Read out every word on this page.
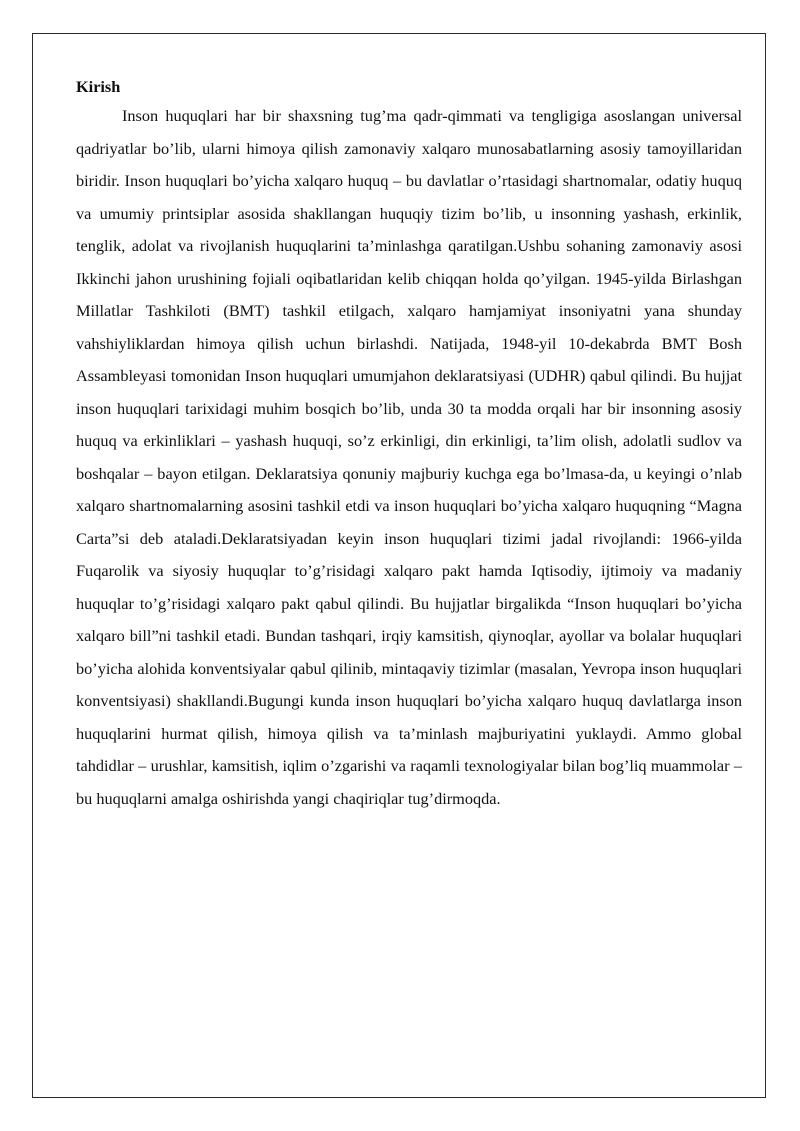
Kirish

Inson huquqlari har bir shaxsning tug’ma qadr-qimmati va tengligiga asoslangan universal qadriyatlar bo’lib, ularni himoya qilish zamonaviy xalqaro munosabatlarning asosiy tamoyillaridan biridir. Inson huquqlari bo’yicha xalqaro huquq – bu davlatlar o’rtasidagi shartnomalar, odatiy huquq va umumiy printsiplar asosida shakllangan huquqiy tizim bo’lib, u insonning yashash, erkinlik, tenglik, adolat va rivojlanish huquqlarini ta’minlashga qaratilgan.Ushbu sohaning zamonaviy asosi Ikkinchi jahon urushining fojiali oqibatlaridan kelib chiqqan holda qo’yilgan. 1945-yilda Birlashgan Millatlar Tashkiloti (BMT) tashkil etilgach, xalqaro hamjamiyat insoniyatni yana shunday vahshiyliklardan himoya qilish uchun birlashdi. Natijada, 1948-yil 10-dekabrda BMT Bosh Assambleyasi tomonidan Inson huquqlari umumjahon deklaratsiyasi (UDHR) qabul qilindi. Bu hujjat inson huquqlari tarixidagi muhim bosqich bo’lib, unda 30 ta modda orqali har bir insonning asosiy huquq va erkinliklari – yashash huquqi, so’z erkinligi, din erkinligi, ta’lim olish, adolatli sudlov va boshqalar – bayon etilgan. Deklaratsiya qonuniy majburiy kuchga ega bo’lmasa-da, u keyingi o’nlab xalqaro shartnomalarning asosini tashkil etdi va inson huquqlari bo’yicha xalqaro huquqning “Magna Carta”si deb ataladi.Deklaratsiyadan keyin inson huquqlari tizimi jadal rivojlandi: 1966-yilda Fuqarolik va siyosiy huquqlar to’g’risidagi xalqaro pakt hamda Iqtisodiy, ijtimoiy va madaniy huquqlar to’g’risidagi xalqaro pakt qabul qilindi. Bu hujjatlar birgalikda “Inson huquqlari bo’yicha xalqaro bill”ni tashkil etadi. Bundan tashqari, irqiy kamsitish, qiynoqlar, ayollar va bolalar huquqlari bo’yicha alohida konventsiyalar qabul qilinib, mintaqaviy tizimlar (masalan, Yevropa inson huquqlari konventsiyasi) shakllandi.Bugungi kunda inson huquqlari bo’yicha xalqaro huquq davlatlarga inson huquqlarini hurmat qilish, himoya qilish va ta’minlash majburiyatini yuklaydi. Ammo global tahdidlar – urushlar, kamsitish, iqlim o’zgarishi va raqamli texnologiyalar bilan bog’liq muammolar – bu huquqlarni amalga oshirishda yangi chaqiriqlar tug’dirmoqda.
